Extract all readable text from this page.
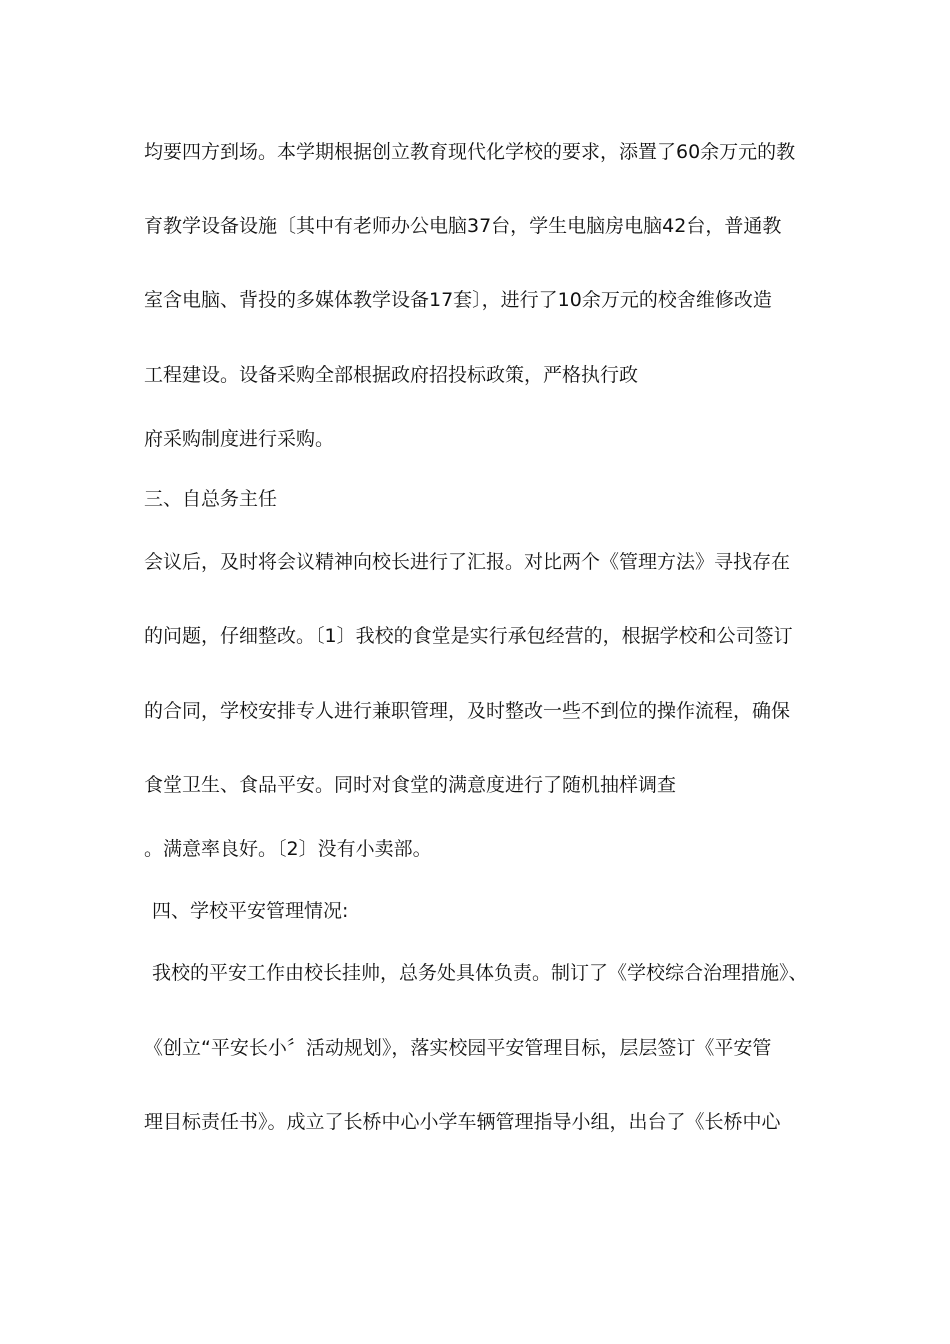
均要四方到场。本学期根据创立教育现代化学校的要求，添置了60余万元的教
育教学设备设施〔其中有老师办公电脑37台，学生电脑房电脑42台，普通教
室含电脑、背投的多媒体教学设备17套〕，进行了10余万元的校舍维修改造
工程建设。设备采购全部根据政府招投标政策，严格执行政
府采购制度进行采购。
三、自总务主任
会议后，及时将会议精神向校长进行了汇报。对比两个《管理方法》寻找存在
的问题，仔细整改。〔1〕我校的食堂是实行承包经营的，根据学校和公司签订
的合同，学校安排专人进行兼职管理，及时整改一些不到位的操作流程，确保
食堂卫生、食品平安。同时对食堂的满意度进行了随机抽样调查
。满意率良好。〔2〕没有小卖部。
四、学校平安管理情况:
我校的平安工作由校长挂帅，总务处具体负责。制订了《学校综合治理措施》、
《创立“平安长小〞活动规划》，落实校园平安管理目标，层层签订《平安管
理目标责任书》。成立了长桥中心小学车辆管理指导小组，出台了《长桥中心
